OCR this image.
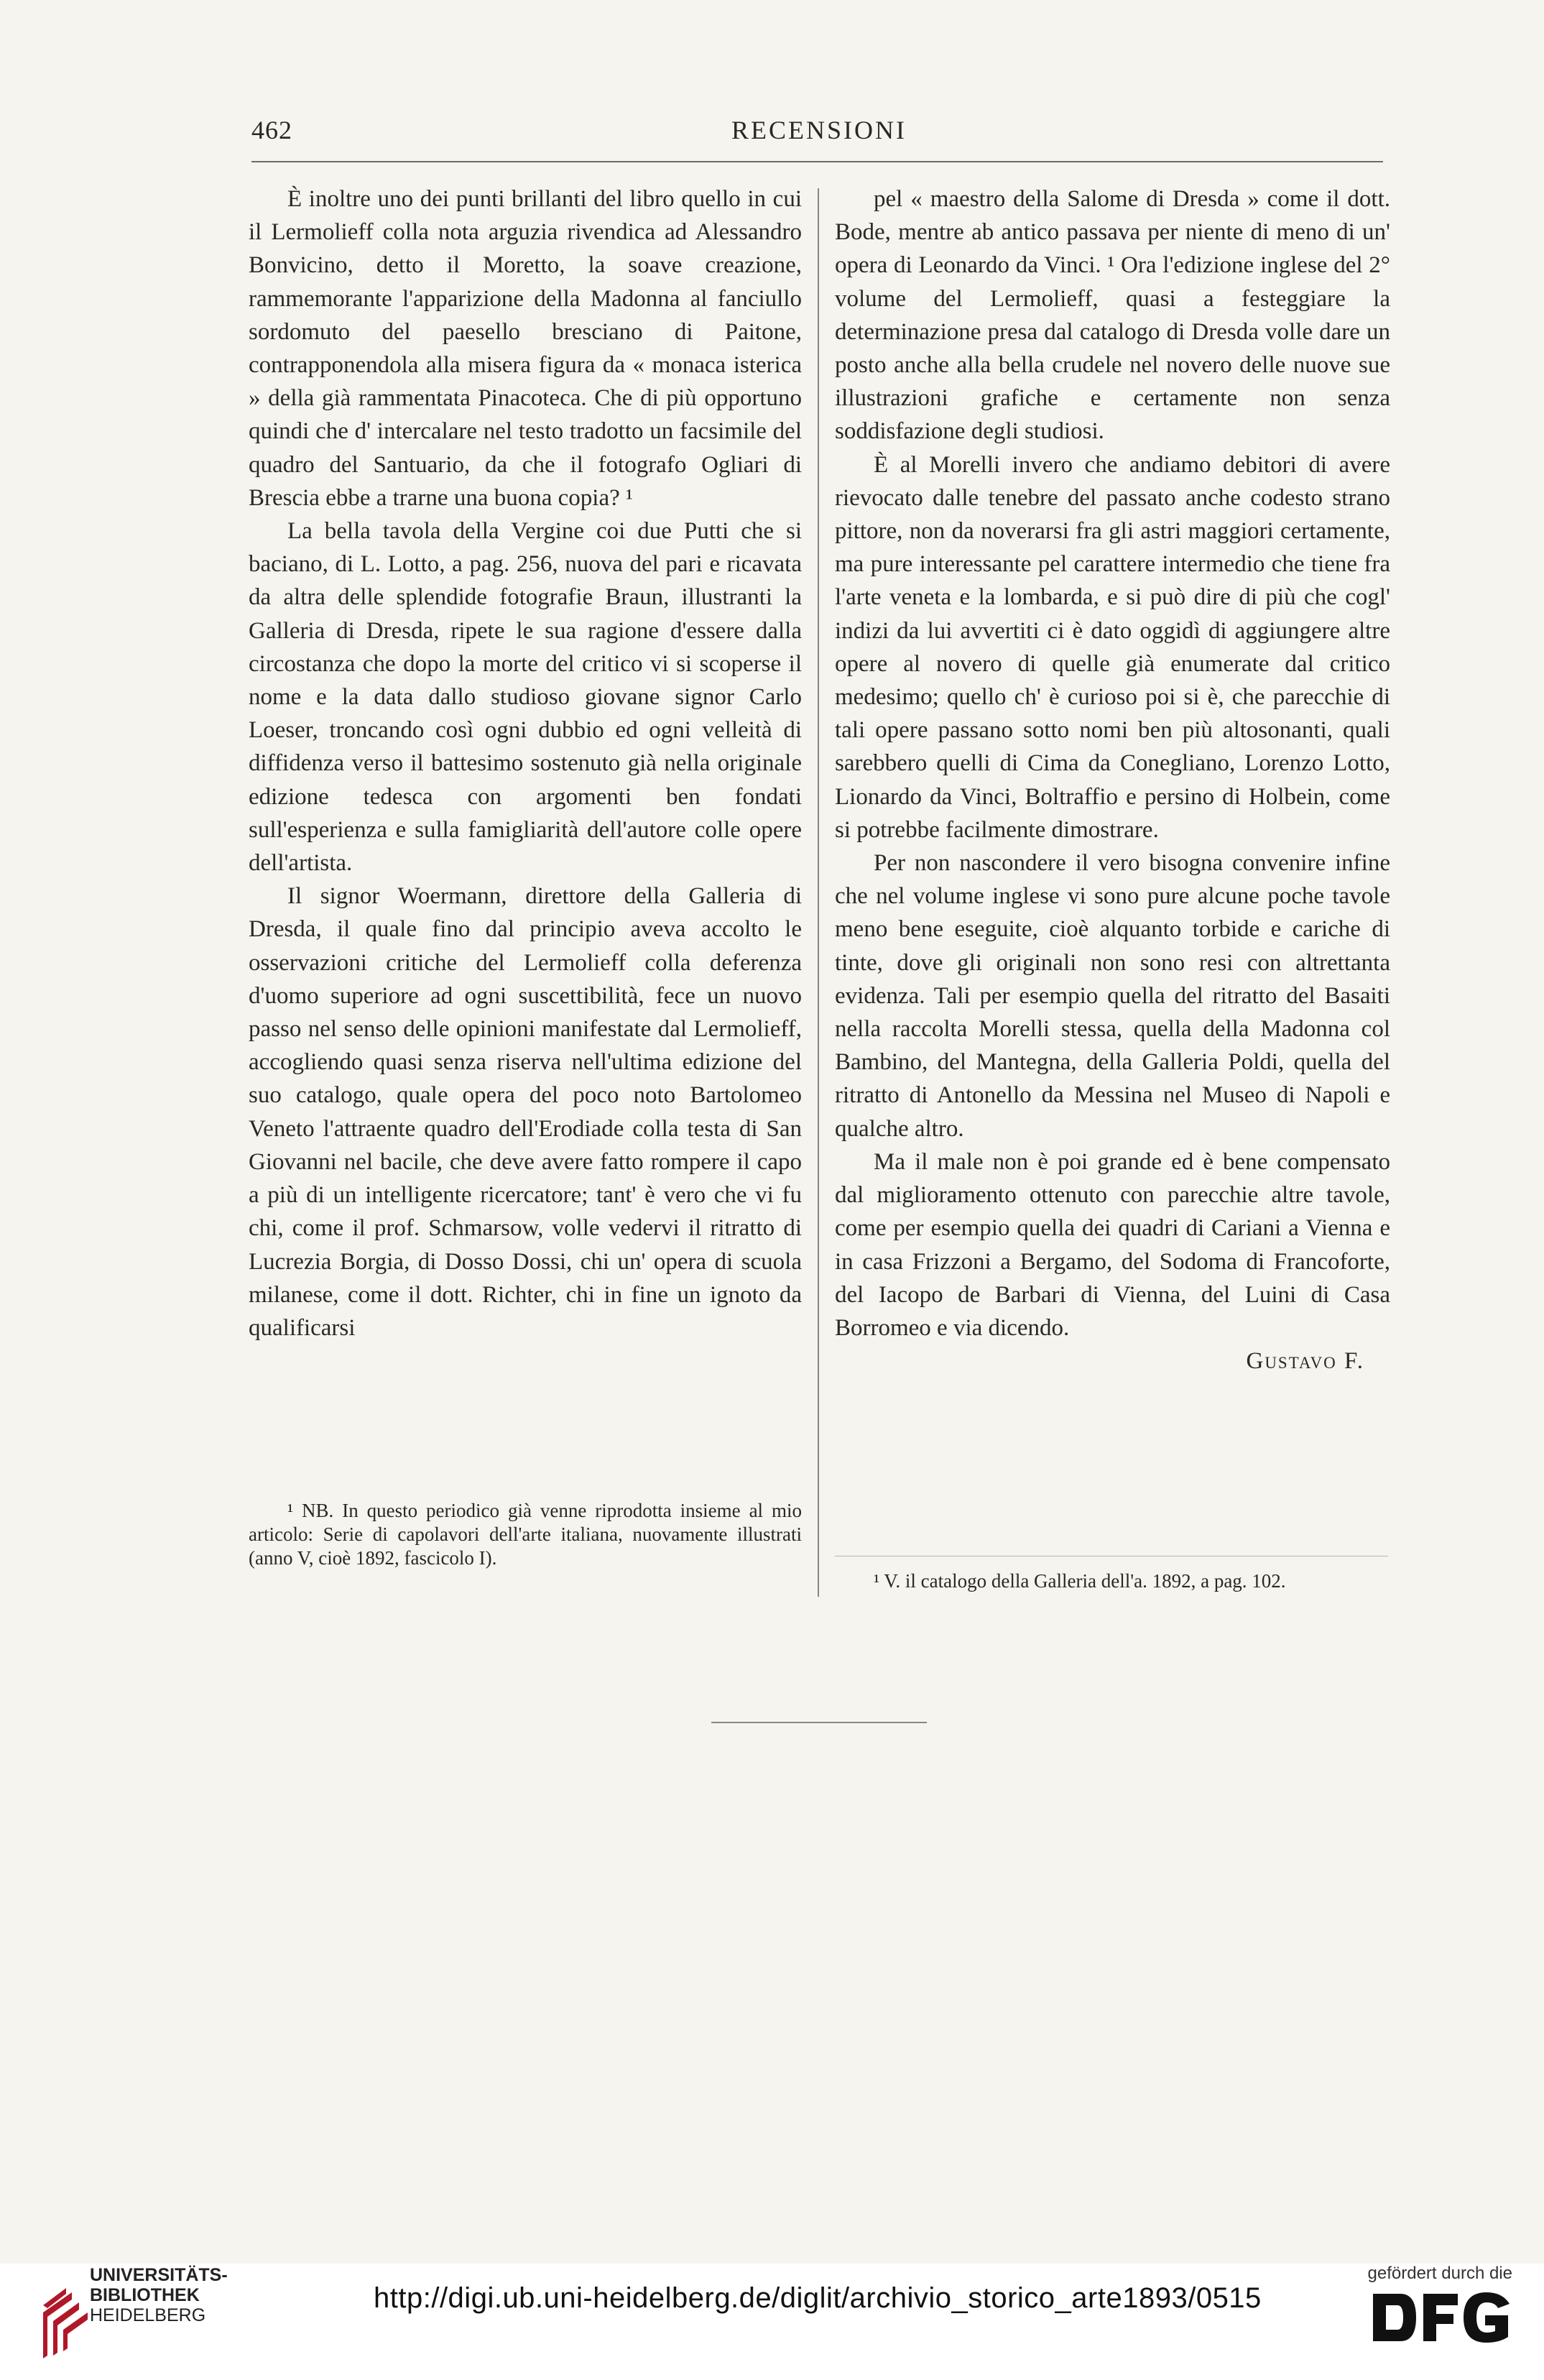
462	RECENSIONI

È inoltre uno dei punti brillanti del libro quello in cui il Lermolieff colla nota arguzia rivendica ad Alessandro Bonvicino, detto il Moretto, la soave creazione, rammemorante l'apparizione della Madonna al fanciullo sordomuto del paesello bresciano di Paitone, contrapponendola alla misera figura da « monaca isterica » della già rammentata Pinacoteca. Che di più opportuno quindi che d' intercalare nel testo tradotto un facsimile del quadro del Santuario, da che il fotografo Ogliari di Brescia ebbe a trarne una buona copia? ¹

La bella tavola della Vergine coi due Putti che si baciano, di L. Lotto, a pag. 256, nuova del pari e ricavata da altra delle splendide fotografie Braun, illustranti la Galleria di Dresda, ripete le sua ragione d'essere dalla circostanza che dopo la morte del critico vi si scoperse il nome e la data dallo studioso giovane signor Carlo Loeser, troncando così ogni dubbio ed ogni velleità di diffidenza verso il battesimo sostenuto già nella originale edizione tedesca con argomenti ben fondati sull'esperienza e sulla famigliarità dell'autore colle opere dell'artista.

Il signor Woermann, direttore della Galleria di Dresda, il quale fino dal principio aveva accolto le osservazioni critiche del Lermolieff colla deferenza d'uomo superiore ad ogni suscettibilità, fece un nuovo passo nel senso delle opinioni manifestate dal Lermolieff, accogliendo quasi senza riserva nell'ultima edizione del suo catalogo, quale opera del poco noto Bartolomeo Veneto l'attraente quadro dell'Erodiade colla testa di San Giovanni nel bacile, che deve avere fatto rompere il capo a più di un intelligente ricercatore; tant' è vero che vi fu chi, come il prof. Schmarsow, volle vedervi il ritratto di Lucrezia Borgia, di Dosso Dossi, chi un' opera di scuola milanese, come il dott. Richter, chi in fine un ignoto da qualificarsi

pel « maestro della Salome di Dresda » come il dott. Bode, mentre ab antico passava per niente di meno di un' opera di Leonardo da Vinci. ¹ Ora l'edizione inglese del 2° volume del Lermolieff, quasi a festeggiare la determinazione presa dal catalogo di Dresda volle dare un posto anche alla bella crudele nel novero delle nuove sue illustrazioni grafiche e certamente non senza soddisfazione degli studiosi.

È al Morelli invero che andiamo debitori di avere rievocato dalle tenebre del passato anche codesto strano pittore, non da noverarsi fra gli astri maggiori certamente, ma pure interessante pel carattere intermedio che tiene fra l'arte veneta e la lombarda, e si può dire di più che cogl' indizi da lui avvertiti ci è dato oggidì di aggiungere altre opere al novero di quelle già enumerate dal critico medesimo; quello ch' è curioso poi si è, che parecchie di tali opere passano sotto nomi ben più altosonanti, quali sarebbero quelli di Cima da Conegliano, Lorenzo Lotto, Lionardo da Vinci, Boltraffio e persino di Holbein, come si potrebbe facilmente dimostrare.

Per non nascondere il vero bisogna convenire infine che nel volume inglese vi sono pure alcune poche tavole meno bene eseguite, cioè alquanto torbide e cariche di tinte, dove gli originali non sono resi con altrettanta evidenza. Tali per esempio quella del ritratto del Basaiti nella raccolta Morelli stessa, quella della Madonna col Bambino, del Mantegna, della Galleria Poldi, quella del ritratto di Antonello da Messina nel Museo di Napoli e qualche altro.

Ma il male non è poi grande ed è bene compensato dal miglioramento ottenuto con parecchie altre tavole, come per esempio quella dei quadri di Cariani a Vienna e in casa Frizzoni a Bergamo, del Sodoma di Francoforte, del Iacopo de Barbari di Vienna, del Luini di Casa Borromeo e via dicendo.

Gustavo F.

¹ NB. In questo periodico già venne riprodotta insieme al mio articolo: Serie di capolavori dell'arte italiana, nuovamente illustrati (anno V, cioè 1892, fascicolo I).

¹ V. il catalogo della Galleria dell'a. 1892, a pag. 102.

UNIVERSITÄTS-
BIBLIOTHEK
HEIDELBERG
http://digi.ub.uni-heidelberg.de/diglit/archivio_storico_arte1893/0515
gefördert durch die
